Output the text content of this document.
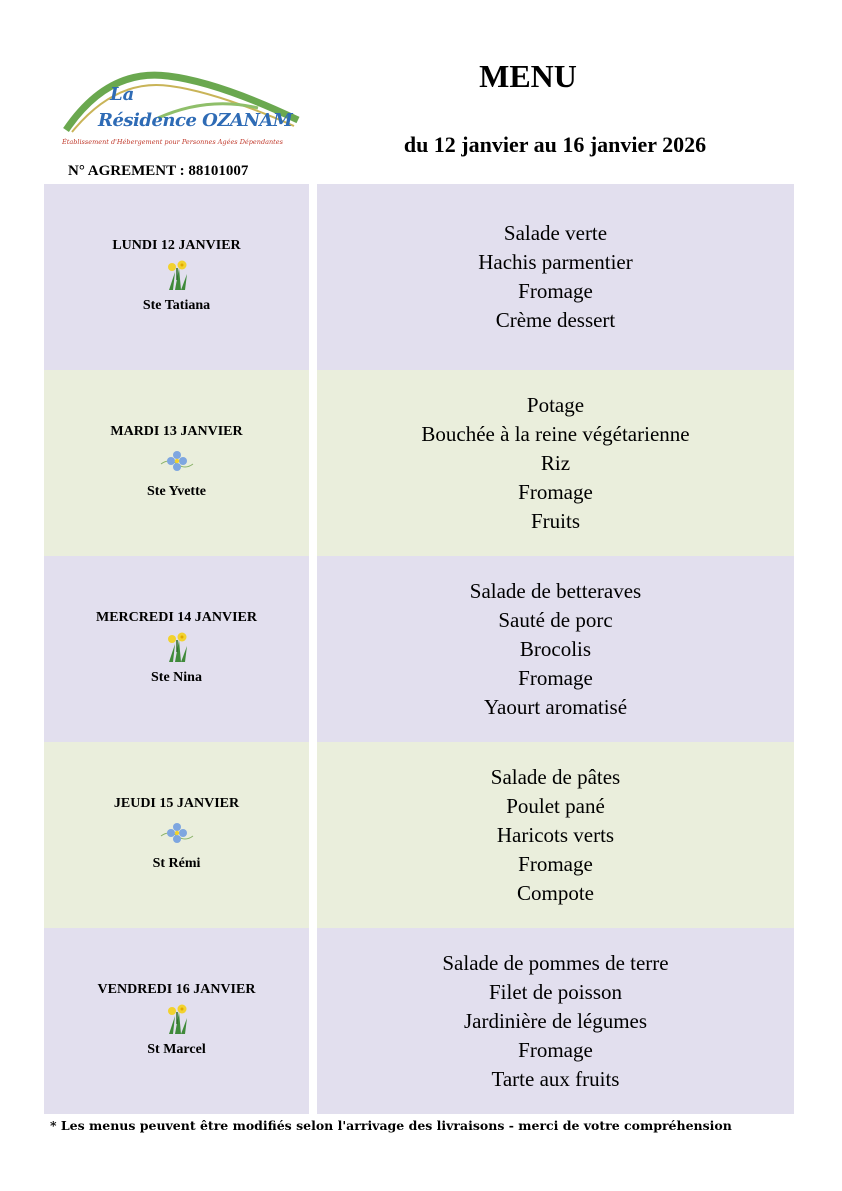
La
Résidence OZANAM
Établissement d'Hébergement pour Personnes Agées Dépendantes
N° AGREMENT : 88101007
MENU
du 12 janvier au 16 janvier 2026
LUNDI 12 JANVIER
Ste Tatiana
Salade verte
Hachis parmentier
Fromage
Crème dessert
MARDI 13 JANVIER
Ste Yvette
Potage
Bouchée à la reine végétarienne
Riz
Fromage
Fruits
MERCREDI 14 JANVIER
Ste Nina
Salade de betteraves
Sauté de porc
Brocolis
Fromage
Yaourt aromatisé
JEUDI 15 JANVIER
St Rémi
Salade de pâtes
Poulet pané
Haricots verts
Fromage
Compote
VENDREDI 16 JANVIER
St Marcel
Salade de pommes de terre
Filet de poisson
Jardinière de légumes
Fromage
Tarte aux fruits
* Les menus peuvent être modifiés selon l'arrivage des livraisons - merci de votre compréhension
